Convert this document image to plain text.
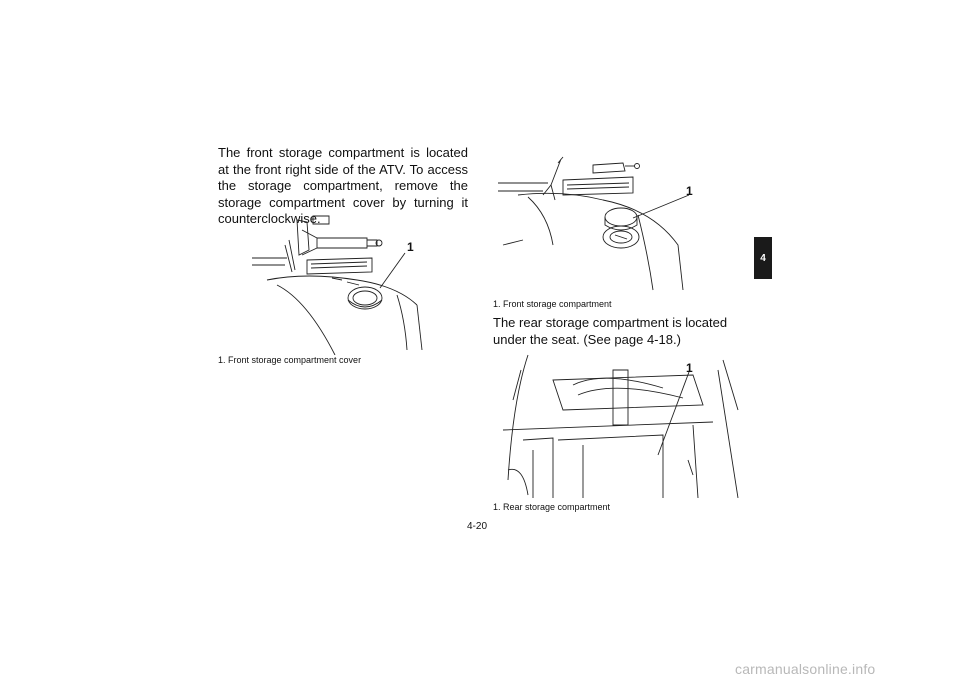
The front storage compartment is located at the front right side of the ATV. To access the storage compartment, remove the storage compartment cover by turning it counterclockwise.

1
1. Front storage compartment cover
1
1. Front storage compartment

The rear storage compartment is located under the seat. (See page 4-18.)

1
1. Rear storage compartment
4
4-20
carmanualsonline.info
